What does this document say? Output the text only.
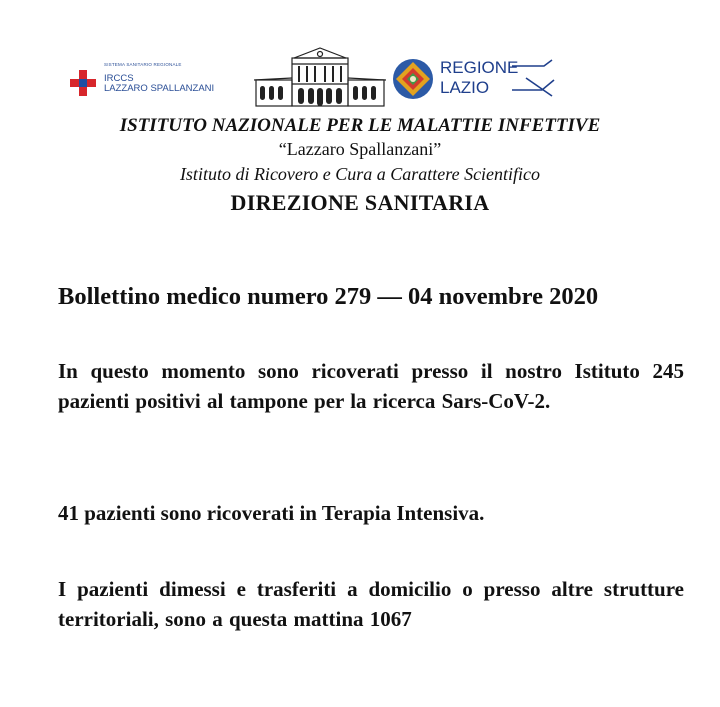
SISTEMA SANITARIO REGIONALE
IRCCS
LAZZARO SPALLANZANI
REGIONE
LAZIO
ISTITUTO NAZIONALE PER LE MALATTIE INFETTIVE
“Lazzaro Spallanzani”
Istituto di Ricovero e Cura a Carattere Scientifico
DIREZIONE SANITARIA
Bollettino medico numero 279 — 04 novembre 2020
In questo momento sono ricoverati presso il nostro Istituto 245 pazienti positivi al tampone per la ricerca Sars-CoV-2.
41 pazienti sono ricoverati in Terapia Intensiva.
I pazienti dimessi e trasferiti a domicilio o presso altre strutture territoriali, sono a questa mattina 1067
